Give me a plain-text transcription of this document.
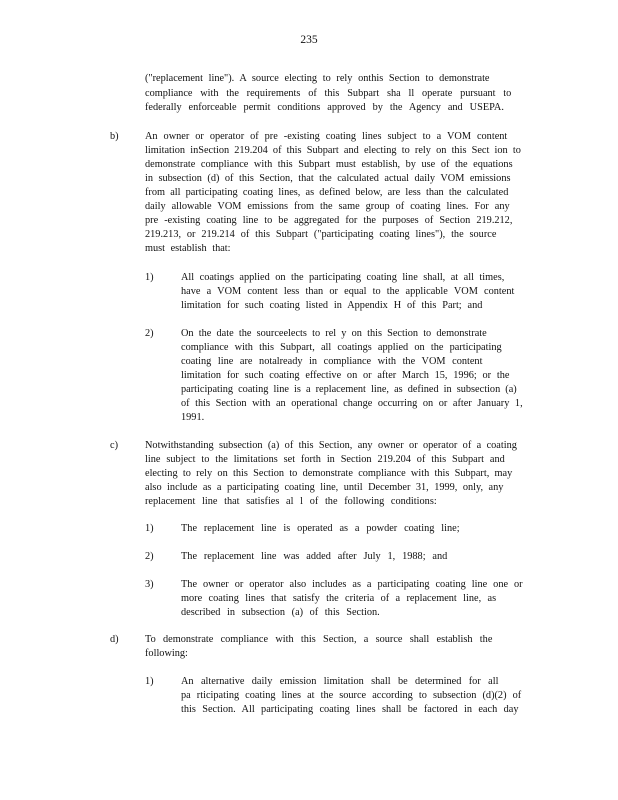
235
("replacement line"). A source electing to rely onthis Section to demonstrate
compliance with the requirements of this Subpart sha ll operate pursuant to
federally enforceable permit conditions approved by the Agency and USEPA.
b)	An owner or operator of pre -existing coating lines subject to a VOM content
limitation inSection 219.204 of this Subpart and electing to rely on this Sect ion to
demonstrate compliance with this Subpart must establish, by use of the equations
in subsection (d) of this Section, that the calculated actual daily VOM emissions
from all participating coating lines, as defined below, are less than the calculated
daily allowable VOM emissions from the same group of coating lines. For any
pre -existing coating line to be aggregated for the purposes of Section 219.212,
219.213, or 219.214 of this Subpart ("participating coating lines"), the source
must establish that:
1)	All coatings applied on the participating coating line shall, at all times,
have a VOM content less than or equal to the applicable VOM content
limitation for such coating listed in Appendix H of this Part; and
2)	On the date the sourceelects to rel y on this Section to demonstrate
compliance with this Subpart, all coatings applied on the participating
coating line are notalready in compliance with the VOM content
limitation for such coating effective on or after March 15, 1996; or the
participating coating line is a replacement line, as defined in subsection (a)
of this Section with an operational change occurring on or after January 1,
1991.
c)	Notwithstanding subsection (a) of this Section, any owner or operator of a coating
line subject to the limitations set forth in Section 219.204 of this Subpart and
electing to rely on this Section to demonstrate compliance with this Subpart, may
also include as a participating coating line, until December 31, 1999, only, any
replacement line that satisfies al l of the following conditions:
1)	The replacement line is operated as a powder coating line;
2)	The replacement line was added after July 1, 1988; and
3)	The owner or operator also includes as a participating coating line one or
more coating lines that satisfy the criteria of a replacement line, as
described in subsection (a) of this Section.
d)	To demonstrate compliance with this Section, a source shall establish the
following:
1)	An alternative daily emission limitation shall be determined for all
pa rticipating coating lines at the source according to subsection (d)(2) of
this Section. All participating coating lines shall be factored in each day
